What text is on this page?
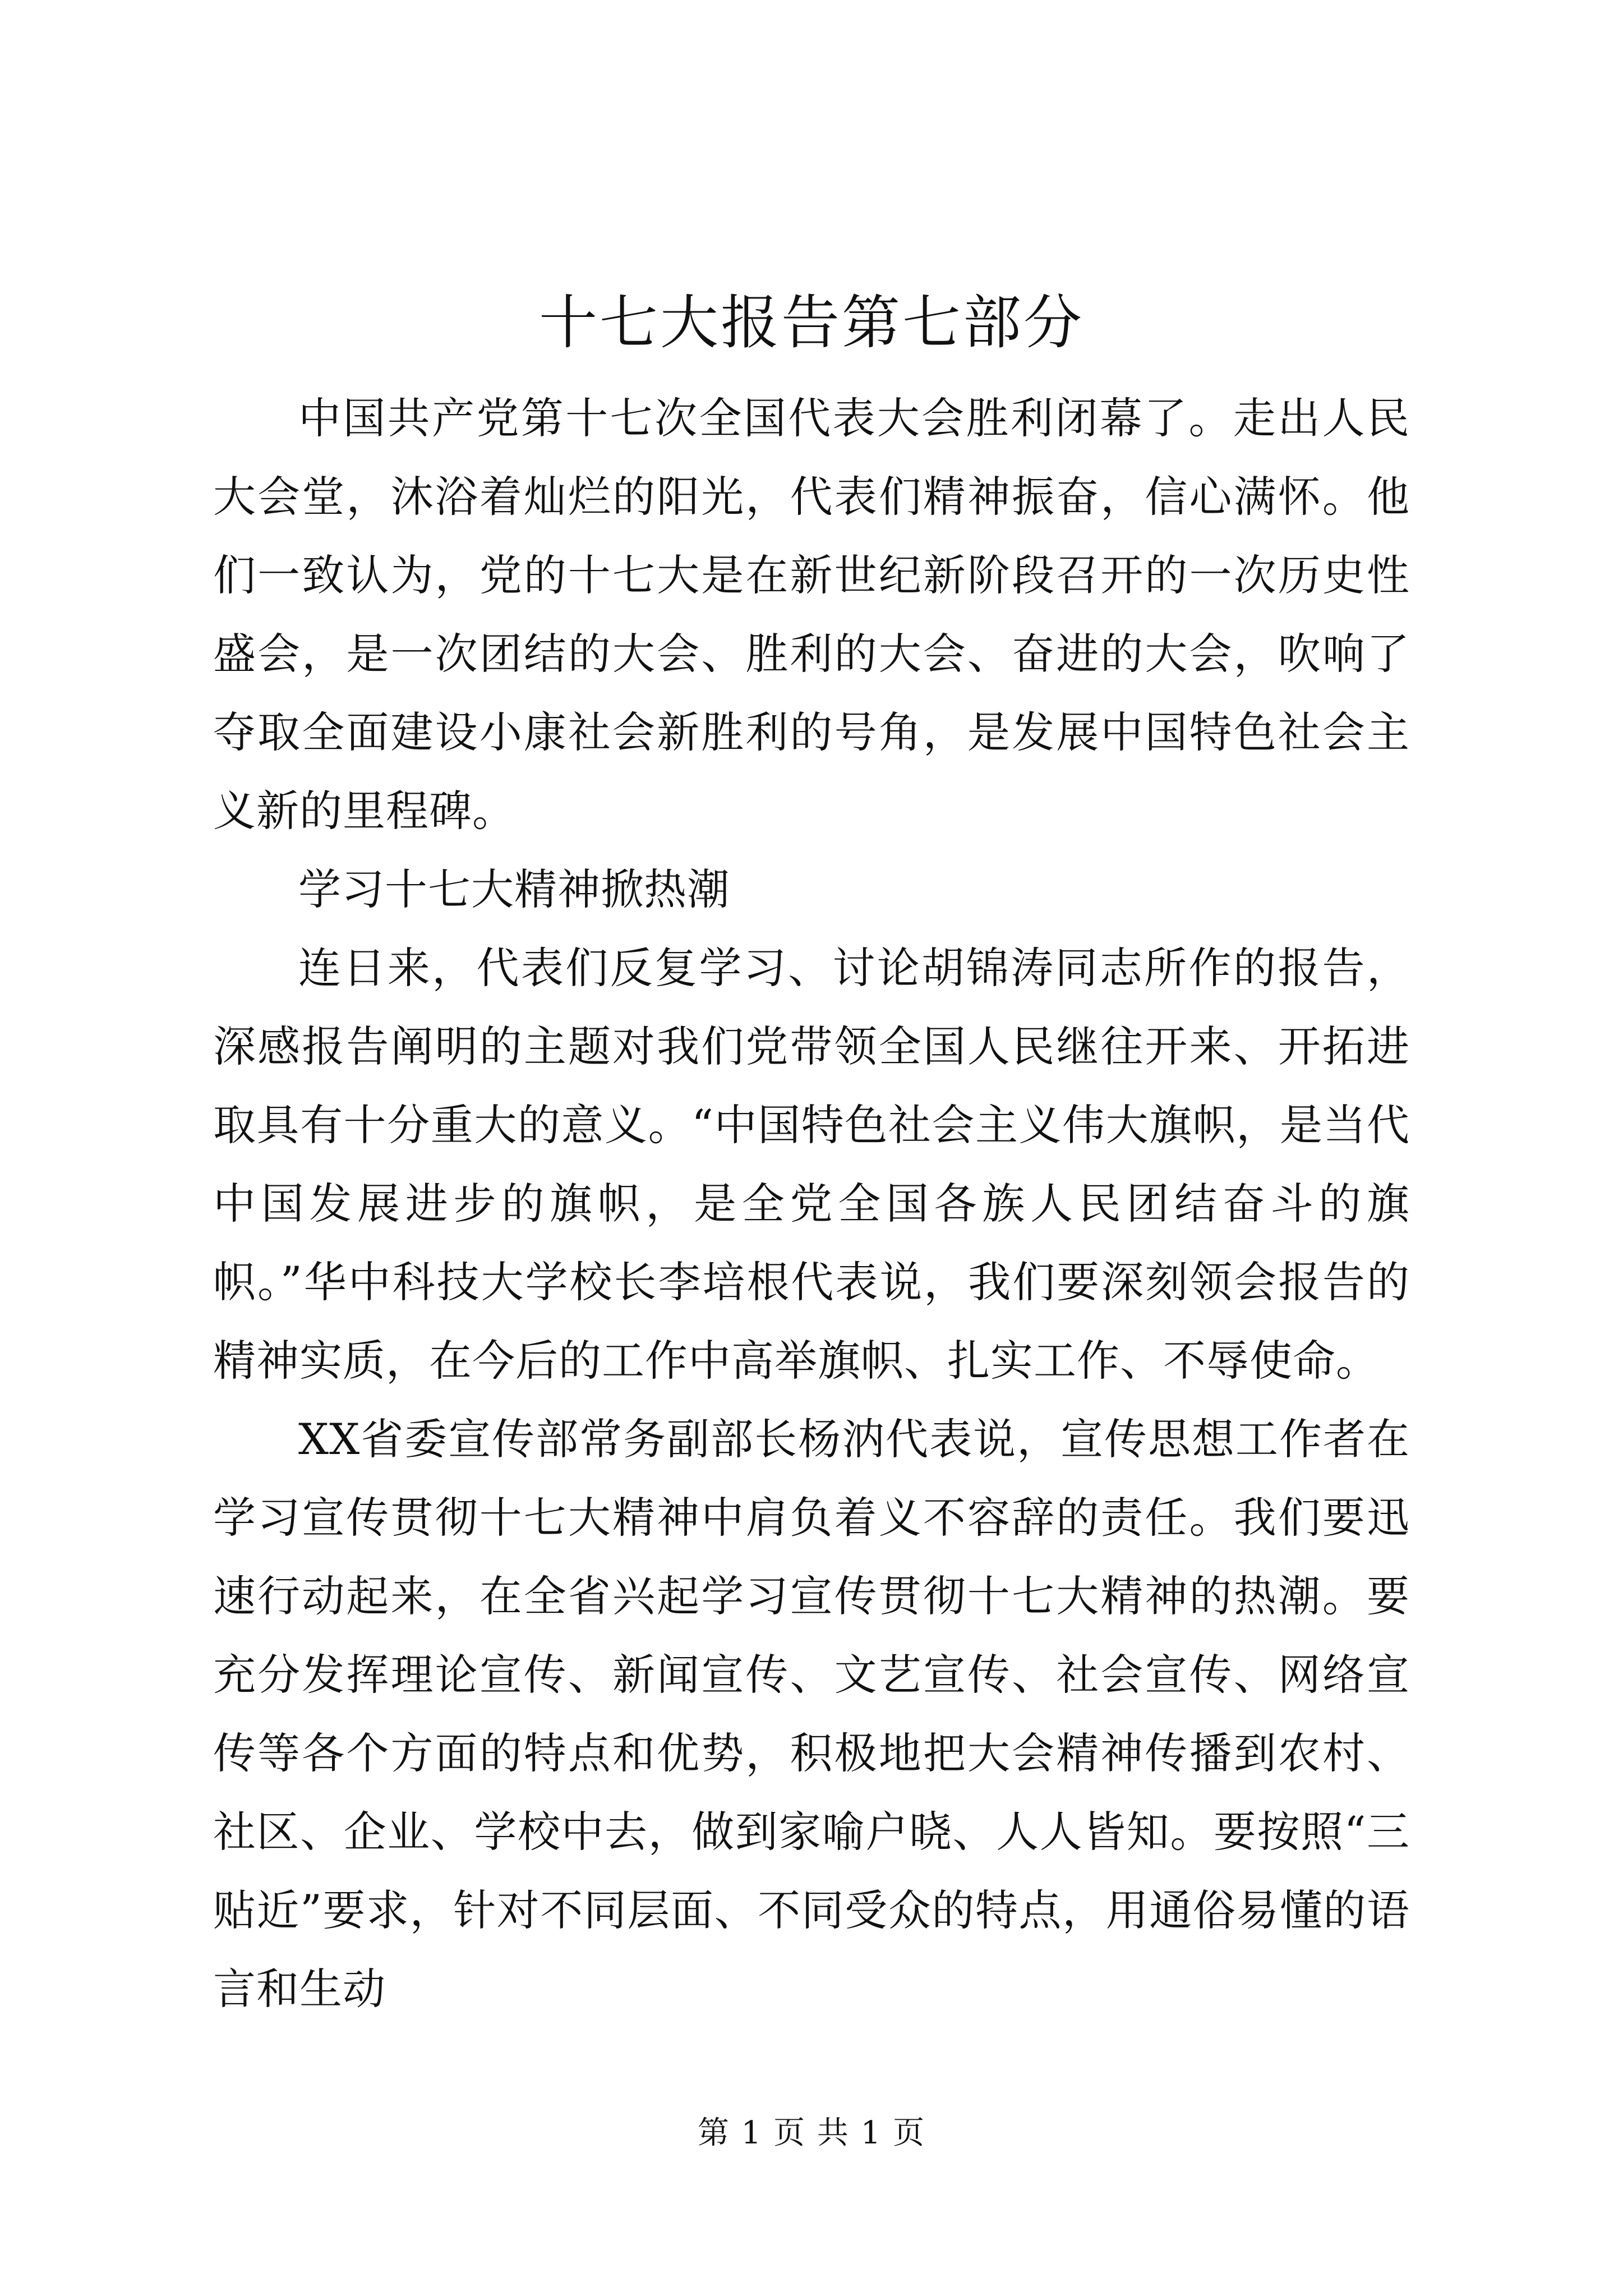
十七大报告第七部分

中国共产党第十七次全国代表大会胜利闭幕了。走出人民大会堂，沐浴着灿烂的阳光，代表们精神振奋，信心满怀。他们一致认为，党的十七大是在新世纪新阶段召开的一次历史性盛会，是一次团结的大会、胜利的大会、奋进的大会，吹响了夺取全面建设小康社会新胜利的号角，是发展中国特色社会主义新的里程碑。

学习十七大精神掀热潮

连日来，代表们反复学习、讨论胡锦涛同志所作的报告，深感报告阐明的主题对我们党带领全国人民继往开来、开拓进取具有十分重大的意义。“中国特色社会主义伟大旗帜，是当代中国发展进步的旗帜，是全党全国各族人民团结奋斗的旗帜。”华中科技大学校长李培根代表说，我们要深刻领会报告的精神实质，在今后的工作中高举旗帜、扎实工作、不辱使命。

XX省委宣传部常务副部长杨汭代表说，宣传思想工作者在学习宣传贯彻十七大精神中肩负着义不容辞的责任。我们要迅速行动起来，在全省兴起学习宣传贯彻十七大精神的热潮。要充分发挥理论宣传、新闻宣传、文艺宣传、社会宣传、网络宣传等各个方面的特点和优势，积极地把大会精神传播到农村、社区、企业、学校中去，做到家喻户晓、人人皆知。要按照“三贴近”要求，针对不同层面、不同受众的特点，用通俗易懂的语言和生动

第 1 页 共 1 页
